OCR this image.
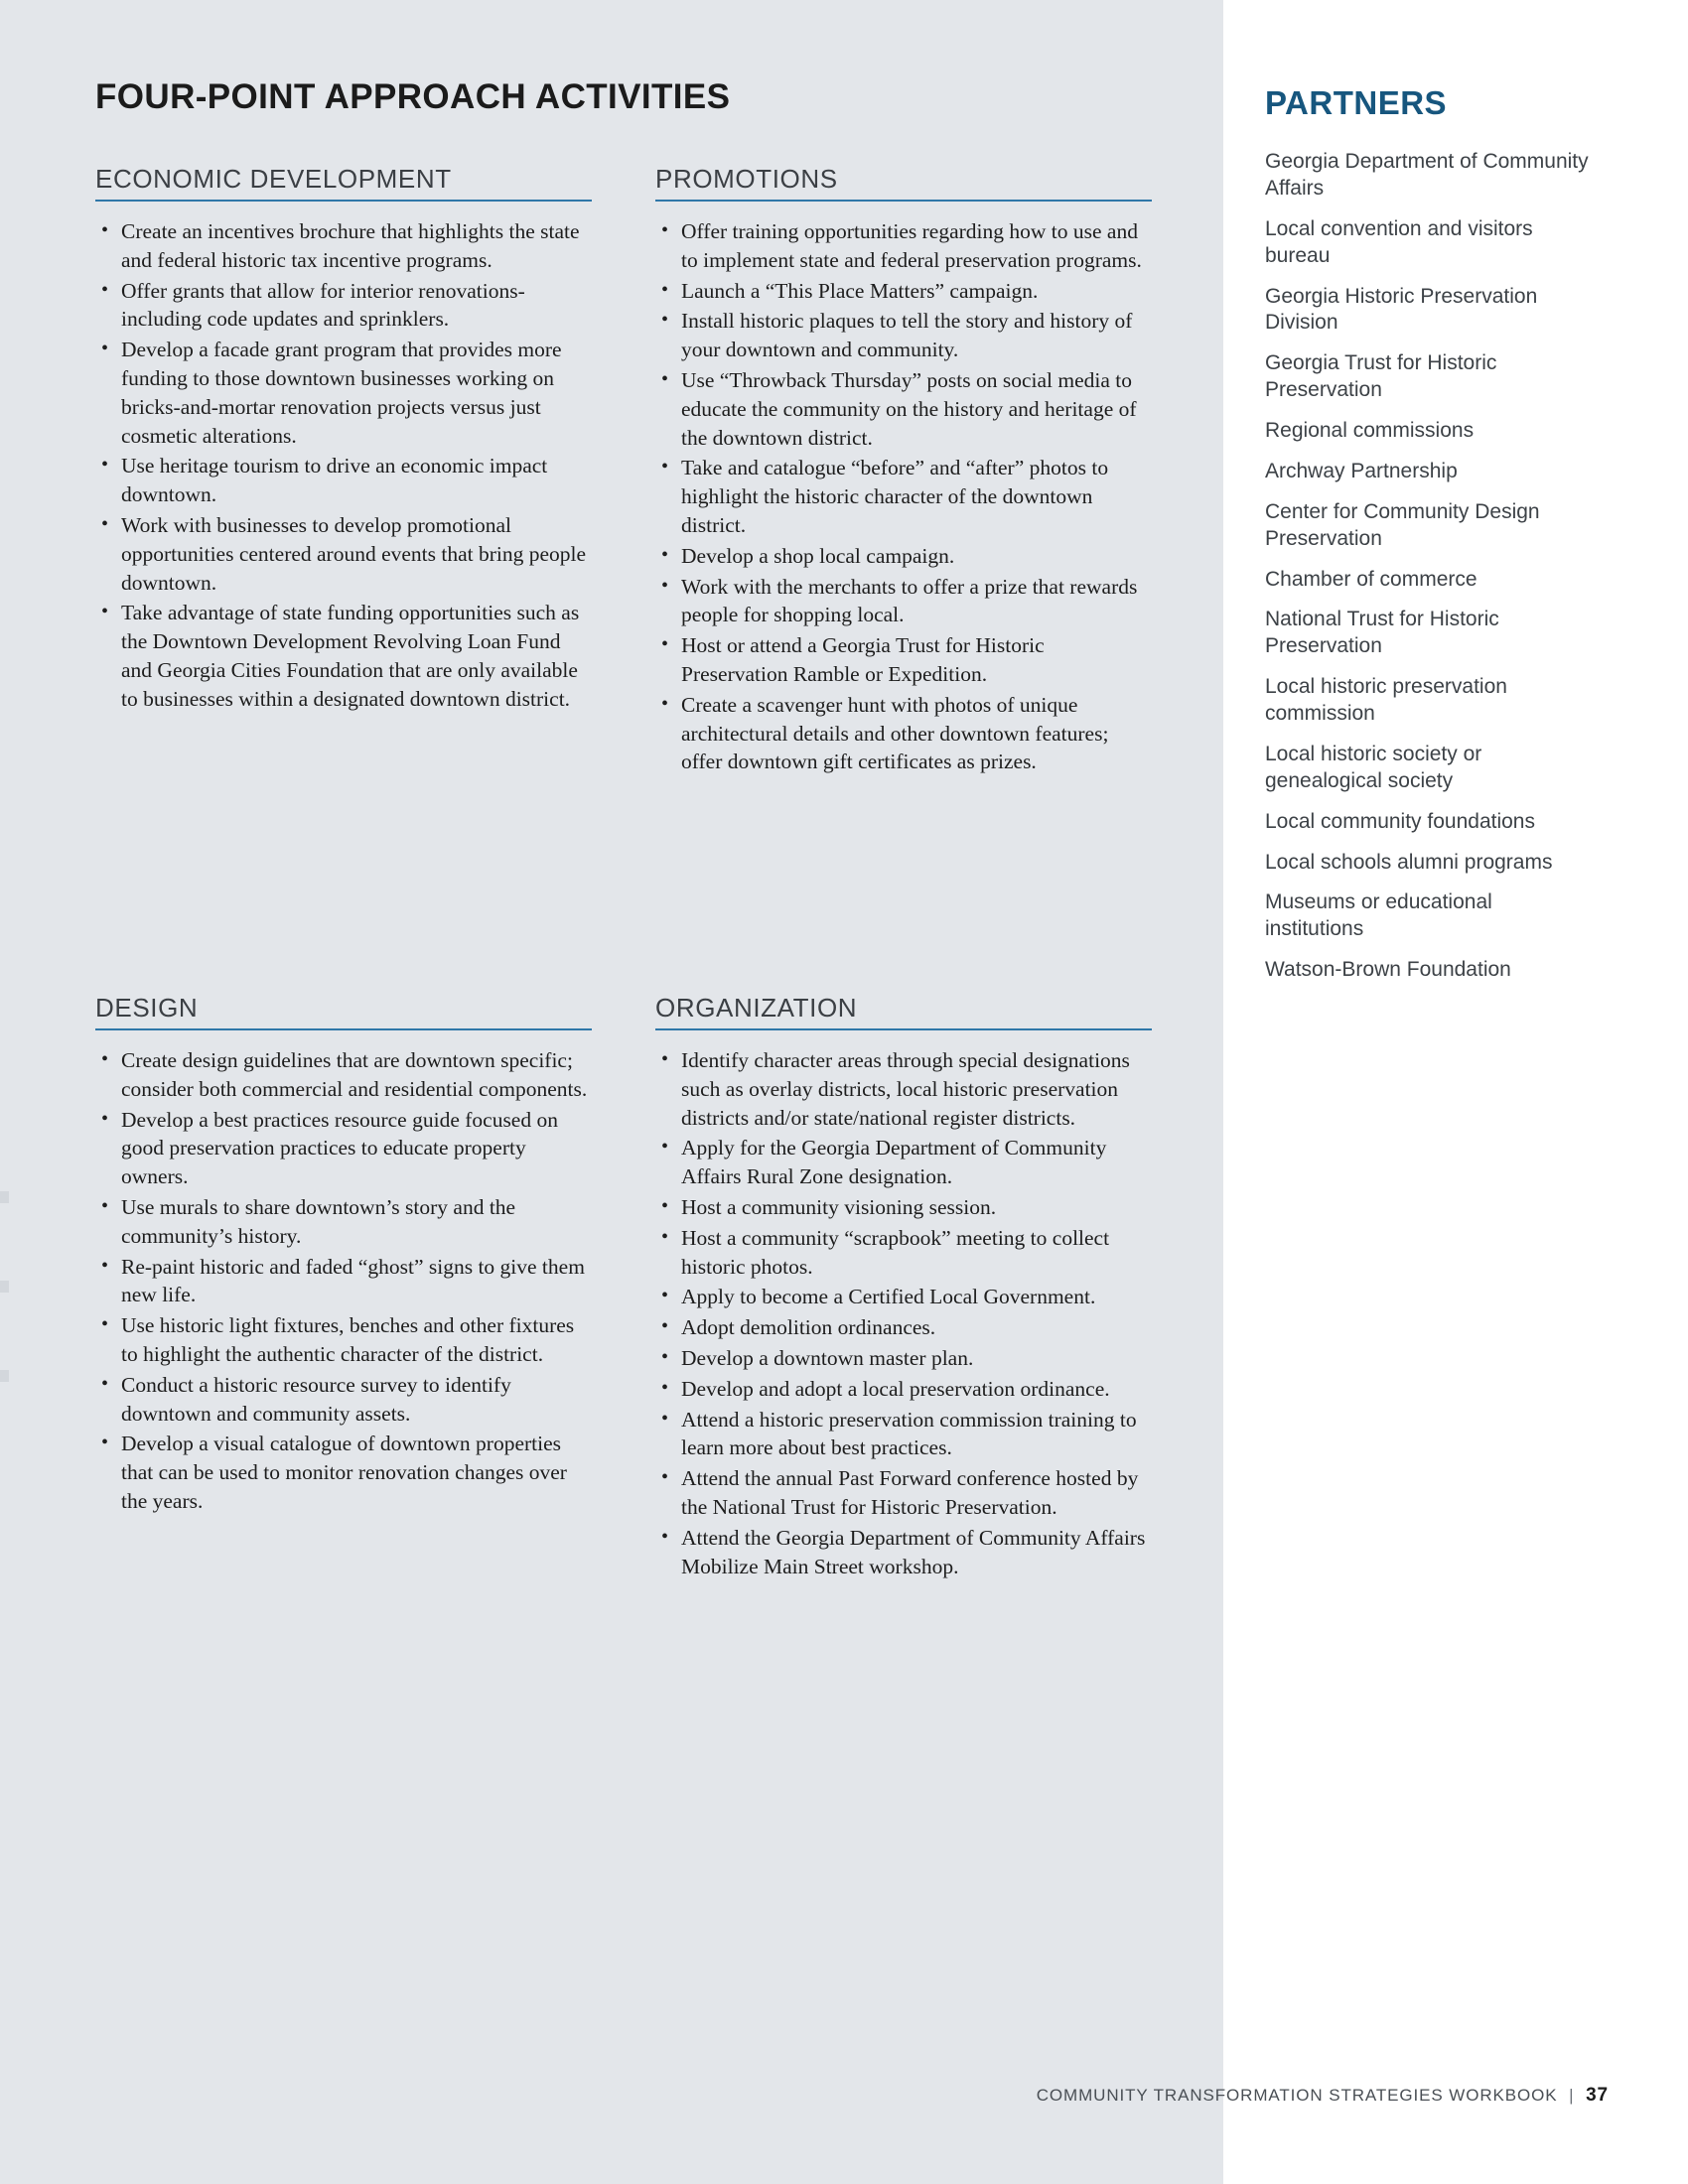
FOUR-POINT APPROACH ACTIVITIES
ECONOMIC DEVELOPMENT
• Create an incentives brochure that highlights the state and federal historic tax incentive programs.
• Offer grants that allow for interior renovations- including code updates and sprinklers.
• Develop a facade grant program that provides more funding to those downtown businesses working on bricks-and-mortar renovation projects versus just cosmetic alterations.
• Use heritage tourism to drive an economic impact downtown.
• Work with businesses to develop promotional opportunities centered around events that bring people downtown.
• Take advantage of state funding opportunities such as the Downtown Development Revolving Loan Fund and Georgia Cities Foundation that are only available to businesses within a designated downtown district.
PROMOTIONS
• Offer training opportunities regarding how to use and to implement state and federal preservation programs.
• Launch a “This Place Matters” campaign.
• Install historic plaques to tell the story and history of your downtown and community.
• Use “Throwback Thursday” posts on social media to educate the community on the history and heritage of the downtown district.
• Take and catalogue “before” and “after” photos to highlight the historic character of the downtown district.
• Develop a shop local campaign.
• Work with the merchants to offer a prize that rewards people for shopping local.
• Host or attend a Georgia Trust for Historic Preservation Ramble or Expedition.
• Create a scavenger hunt with photos of unique architectural details and other downtown features; offer downtown gift certificates as prizes.
DESIGN
• Create design guidelines that are downtown specific; consider both commercial and residential components.
• Develop a best practices resource guide focused on good preservation practices to educate property owners.
• Use murals to share downtown’s story and the community’s history.
• Re-paint historic and faded “ghost” signs to give them new life.
• Use historic light fixtures, benches and other fixtures to highlight the authentic character of the district.
• Conduct a historic resource survey to identify downtown and community assets.
• Develop a visual catalogue of downtown properties that can be used to monitor renovation changes over the years.
ORGANIZATION
• Identify character areas through special designations such as overlay districts, local historic preservation districts and/or state/national register districts.
• Apply for the Georgia Department of Community Affairs Rural Zone designation.
• Host a community visioning session.
• Host a community “scrapbook” meeting to collect historic photos.
• Apply to become a Certified Local Government.
• Adopt demolition ordinances.
• Develop a downtown master plan.
• Develop and adopt a local preservation ordinance.
• Attend a historic preservation commission training to learn more about best practices.
• Attend the annual Past Forward conference hosted by the National Trust for Historic Preservation.
• Attend the Georgia Department of Community Affairs Mobilize Main Street workshop.
PARTNERS
Georgia Department of Community Affairs
Local convention and visitors bureau
Georgia Historic Preservation Division
Georgia Trust for Historic Preservation
Regional commissions
Archway Partnership
Center for Community Design Preservation
Chamber of commerce
National Trust for Historic Preservation
Local historic preservation commission
Local historic society or genealogical society
Local community foundations
Local schools alumni programs
Museums or educational institutions
Watson-Brown Foundation
COMMUNITY TRANSFORMATION STRATEGIES WORKBOOK | 37
